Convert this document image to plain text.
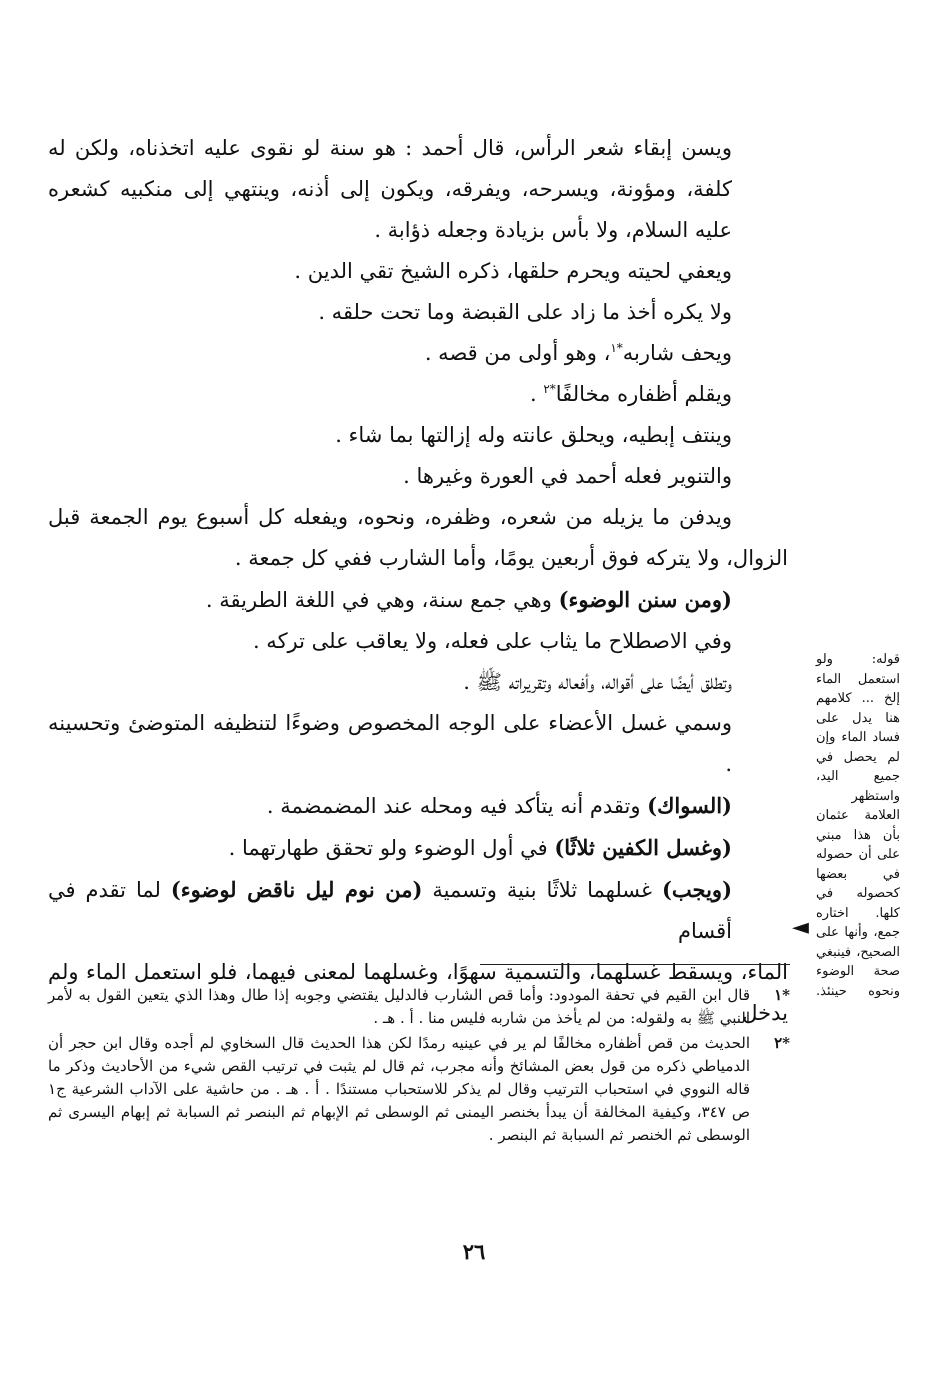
ويسن إبقاء شعر الرأس، قال أحمد : هو سنة لو نقوى عليه اتخذناه، ولكن له كلفة، ومؤونة، ويسرحه، ويفرقه، ويكون إلى أذنه، وينتهي إلى منكبيه كشعره عليه السلام، ولا بأس بزيادة وجعله ذؤابة .

ويعفي لحيته ويحرم حلقها، ذكره الشيخ تقي الدين .

ولا يكره أخذ ما زاد على القبضة وما تحت حلقه .

ويحف شاربه$^{*١}$، وهو أولى من قصه .

ويقلم أظفاره مخالفًا$^{*٢}$ .

وينتف إبطيه، ويحلق عانته وله إزالتها بما شاء .

والتنوير فعله أحمد في العورة وغيرها .

ويدفن ما يزيله من شعره، وظفره، ونحوه، ويفعله كل أسبوع يوم الجمعة قبل

الزوال، ولا يتركه فوق أربعين يومًا، وأما الشارب ففي كل جمعة .

(ومن سنن الوضوء) وهي جمع سنة، وهي في اللغة الطريقة .

وفي الاصطلاح ما يثاب على فعله، ولا يعاقب على تركه .

وتطلق أيضًا على أقواله، وأفعاله وتقريراته ﷺ .

وسمي غسل الأعضاء على الوجه المخصوص وضوءًا لتنظيفه المتوضئ وتحسينه .

(السواك) وتقدم أنه يتأكد فيه ومحله عند المضمضمة .

(وغسل الكفين ثلاثًا) في أول الوضوء ولو تحقق طهارتهما .

(ويجب) غسلهما ثلاثًا بنية وتسمية (من نوم ليل ناقض لوضوء) لما تقدم في أقسام

الماء، ويسقط غسلهما، والتسمية سهوًا، وغسلهما لمعنى فيهما، فلو استعمل الماء ولم يدخل

*١
قال ابن القيم في تحفة المودود: وأما قص الشارب فالدليل يقتضي وجوبه إذا طال وهذا الذي يتعين القول به لأمر النبي ﷺ به ولقوله: من لم يأخذ من شاربه فليس منا . أ . هـ .
*٢
الحديث من قص أظفاره مخالفًا لم ير في عينيه رمدًا لكن هذا الحديث قال السخاوي لم أجده وقال ابن حجر أن الدمياطي ذكره من قول بعض المشائخ وأنه مجرب، ثم قال لم يثبت في ترتيب القص شيء من الأحاديث وذكر ما قاله النووي في استحباب الترتيب وقال لم يذكر للاستحباب مستندًا . أ . هـ . من حاشية على الآداب الشرعية ج١ ص ٣٤٧، وكيفية المخالفة أن يبدأ بخنصر اليمنى ثم الوسطى ثم الإبهام ثم البنصر ثم السبابة ثم إبهام اليسرى ثم الوسطى ثم الخنصر ثم السبابة ثم البنصر .
قوله: ولو استعمل الماء إلخ ... كلامهم هنا يدل على فساد الماء وإن لم يحصل في جميع اليد، واستظهر العلامة عثمان بأن هذا مبني على أن حصوله في بعضها كحصوله في كلها. اختاره جمع، وأنها على الصحيح، فينبغي صحة الوضوء ونحوه حينئذ.
◄
٢٦
